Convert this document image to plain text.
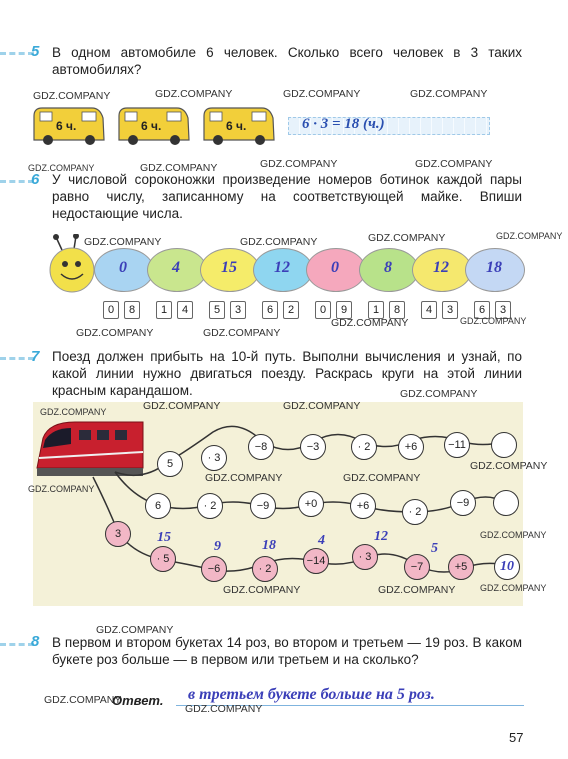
5 В одном автомобиле 6 человек. Сколько всего человек в 3 таких автомобилях?
GDZ.COMPANY	GDZ.COMPANY	GDZ.COMPANY	GDZ.COMPANY
6 ч.	6 ч.	6 ч.	6 · 3 = 18 (ч.)
GDZ.COMPANY	GDZ.COMPANY	GDZ.COMPANY	GDZ.COMPANY
6 У числовой сороконожки произведение номеров ботинок каждой пары равно числу, записанному на соответствующей майке. Впиши недостающие числа.
GDZ.COMPANY	GDZ.COMPANY	GDZ.COMPANY	GDZ.COMPANY
0	4	15	12	0	8	12	18
0	8	1	4	5	3	6	2	0	9	1	8	4	3	6	3
GDZ.COMPANY	GDZ.COMPANY
GDZ.COMPANY	GDZ.COMPANY
7 Поезд должен прибыть на 10-й путь. Выполни вычисления и узнай, по какой линии нужно двигаться поезду. Раскрась круги на этой линии красным карандашом.	GDZ.COMPANY
GDZ.COMPANY	GDZ.COMPANY	GDZ.COMPANY
5	· 3
−8	−3	· 2	+6	−11
GDZ.COMPANY
GDZ.COMPANY
GDZ.COMPANY	GDZ.COMPANY
6	· 2	−9	+0	+6	· 2
−9
GDZ.COMPANY
3
· 5
−6	· 2
−14	· 3
−7	+5	10
15
9	18	4	12
5
GDZ.COMPANY	GDZ.COMPANY	GDZ.COMPANY
GDZ.COMPANY
8 В первом и втором букетах 14 роз, во втором и третьем — 19 роз. В каком букете роз больше — в первом или третьем и на сколько?
GDZ.COMPANY
Ответ. в третьем букете больше на 5 роз.
GDZ.COMPANY
57
